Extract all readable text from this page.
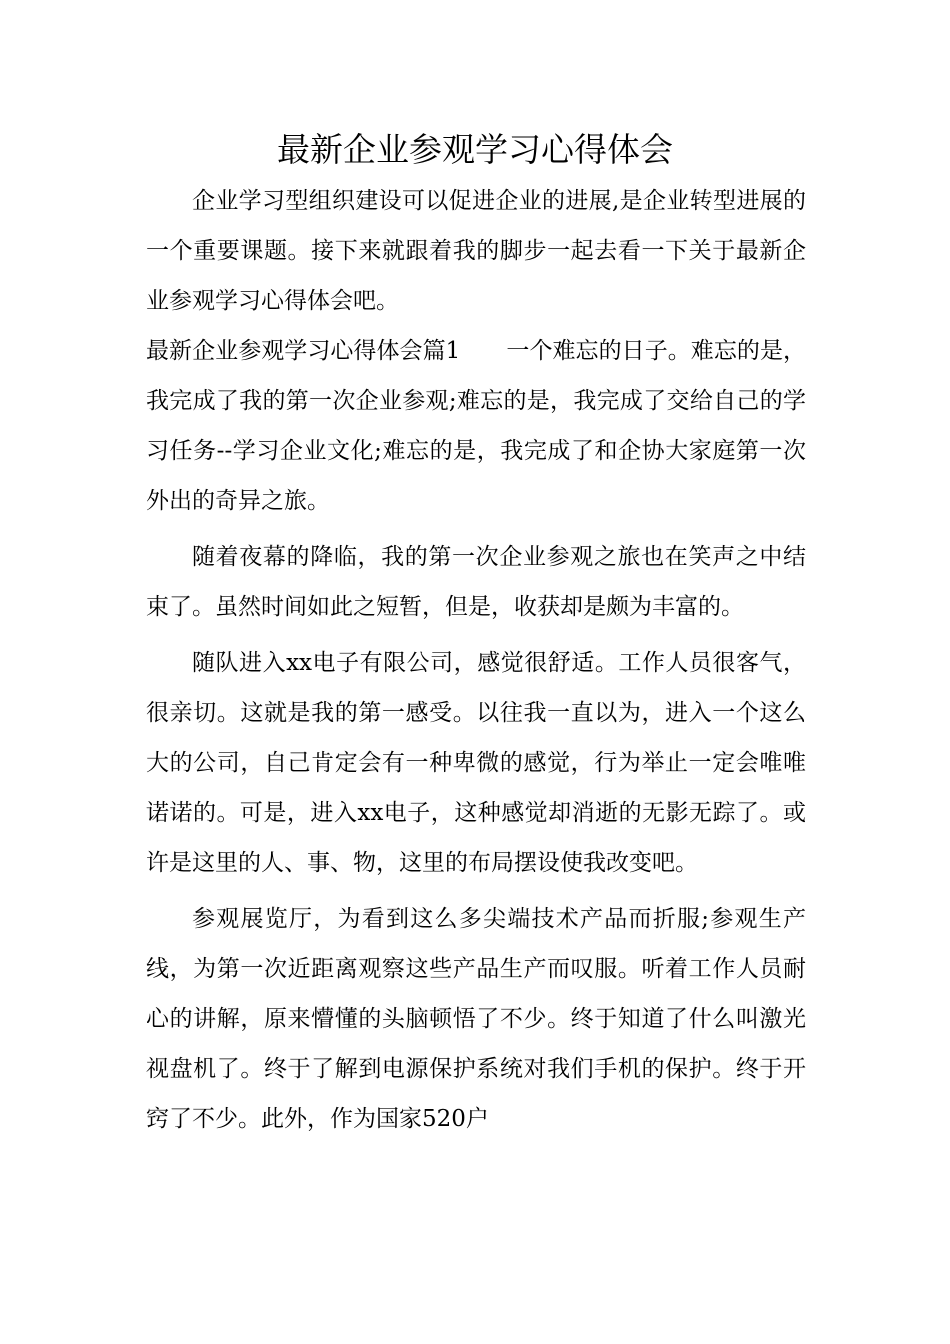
最新企业参观学习心得体会

企业学习型组织建设可以促进企业的进展,是企业转型进展的一个重要课题。接下来就跟着我的脚步一起去看一下关于最新企业参观学习心得体会吧。

最新企业参观学习心得体会篇1　　一个难忘的日子。难忘的是，我完成了我的第一次企业参观;难忘的是，我完成了交给自己的学习任务--学习企业文化;难忘的是，我完成了和企协大家庭第一次外出的奇异之旅。

随着夜幕的降临，我的第一次企业参观之旅也在笑声之中结束了。虽然时间如此之短暂，但是，收获却是颇为丰富的。

随队进入xx电子有限公司，感觉很舒适。工作人员很客气，很亲切。这就是我的第一感受。以往我一直以为，进入一个这么大的公司，自己肯定会有一种卑微的感觉，行为举止一定会唯唯诺诺的。可是，进入xx电子，这种感觉却消逝的无影无踪了。或许是这里的人、事、物，这里的布局摆设使我改变吧。

参观展览厅，为看到这么多尖端技术产品而折服;参观生产线，为第一次近距离观察这些产品生产而叹服。听着工作人员耐心的讲解，原来懵懂的头脑顿悟了不少。终于知道了什么叫激光视盘机了。终于了解到电源保护系统对我们手机的保护。终于开窍了不少。此外，作为国家520户
